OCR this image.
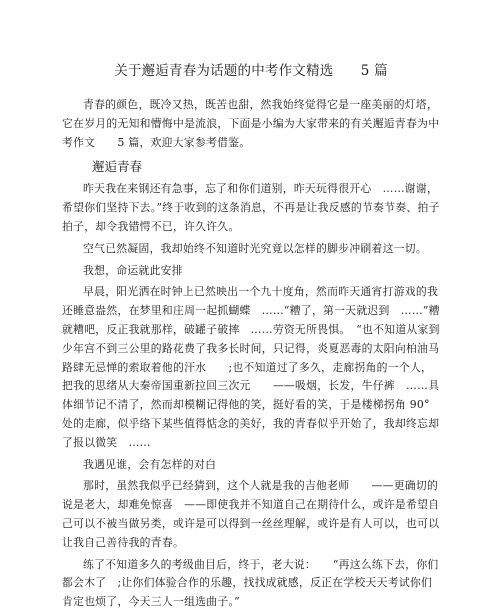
关于邂逅青春为话题的中考作文精选　　5 篇

青春的颜色，既冷又热，既苦也甜，然我始终觉得它是一座美丽的灯塔，它在岁月的无知和懵悔中是流浪，下面是小编为大家带来的有关邂逅青春为中考作文　　5 篇，欢迎大家参考借鉴。

邂逅青春

昨天我在来钢还有急事，忘了和你们道别，昨天玩得很开心　……谢谢，希望你们坚持下去。”终于收到的这条消息，不再是让我反感的节奏节奏、拍子拍子，却令我错愕不已，许久许久。

空气已然凝固，我却始终不知道时光究竟以怎样的脚步冲刷着这一切。

我想，命运就此安排

早晨，阳光洒在时钟上已然映出一个九十度角，然而昨天通宵打游戏的我还睡意盎然，在梦里和庄周一起抓蝴蝶　……“糟了，第一天就迟到　……”糟就糟吧，反正我就那样，破罐子破摔　……劳资无所畏惧。　“也不知道从家到少年宫不到三公里的路花费了我多长时间，只记得，炎夏恶毒的太阳向柏油马路肆无忌惮的索取着他的汗水　　;也不知道过了多久，走廊拐角的一个人，把我的思绪从大秦帝国重新拉回三次元　　——吸烟，长发，牛仔裤　……具体细节记不清了，然而却模糊记得他的笑，挺好看的笑，于是楼梯拐角 90°处的走廊，似乎络下某些值得惦念的美好，我的青春似乎开始了，我却终忘却了报以微笑　……

我遇见谁，会有怎样的对白

那时，虽然我似乎已经猜到，这个人就是我的吉他老师　　——更确切的说是老大，却难免惊喜　——即使我并不知道自己在期待什么，或许是希望自己可以不被当做另类，或许是可以得到一丝丝理解，或许是有人可以，也可以让我自己善待我的青春。

练了不知道多久的考级曲目后，终于，老大说：　　“再这么练下去，你们都会木了　;让你们体验合作的乐趣，找找成就感，反正在学校天天考试你们肯定也烦了，今天三人一组选曲子。”
